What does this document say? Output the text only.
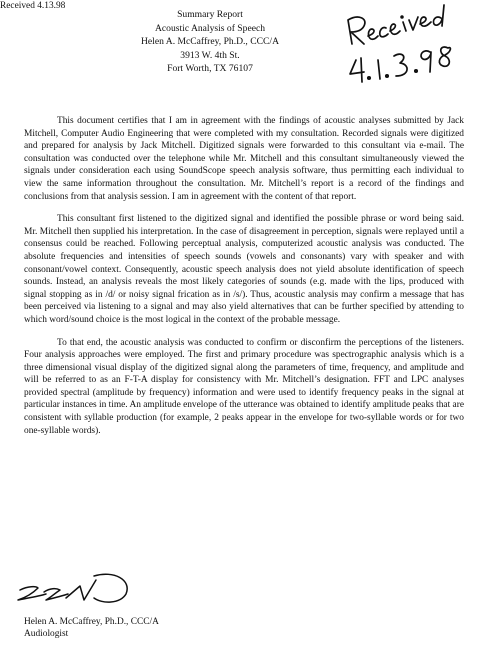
Summary Report
Acoustic Analysis of Speech
Helen A. McCaffrey, Ph.D., CCC/A
3913 W. 4th St.
Fort Worth, TX 76107
Received 4.13.98

This document certifies that I am in agreement with the findings of acoustic analyses submitted by Jack Mitchell, Computer Audio Engineering that were completed with my consultation. Recorded signals were digitized and prepared for analysis by Jack Mitchell. Digitized signals were forwarded to this consultant via e-mail. The consultation was conducted over the telephone while Mr. Mitchell and this consultant simultaneously viewed the signals under consideration each using SoundScope speech analysis software, thus permitting each individual to view the same information throughout the consultation. Mr. Mitchell’s report is a record of the findings and conclusions from that analysis session. I am in agreement with the content of that report.

This consultant first listened to the digitized signal and identified the possible phrase or word being said. Mr. Mitchell then supplied his interpretation. In the case of disagreement in perception, signals were replayed until a consensus could be reached. Following perceptual analysis, computerized acoustic analysis was conducted. The absolute frequencies and intensities of speech sounds (vowels and consonants) vary with speaker and with consonant/vowel context. Consequently, acoustic speech analysis does not yield absolute identification of speech sounds. Instead, an analysis reveals the most likely categories of sounds (e.g. made with the lips, produced with signal stopping as in /d/ or noisy signal frication as in /s/). Thus, acoustic analysis may confirm a message that has been perceived via listening to a signal and may also yield alternatives that can be further specified by attending to which word/sound choice is the most logical in the context of the probable message.

To that end, the acoustic analysis was conducted to confirm or disconfirm the perceptions of the listeners. Four analysis approaches were employed. The first and primary procedure was spectrographic analysis which is a three dimensional visual display of the digitized signal along the parameters of time, frequency, and amplitude and will be referred to as an F-T-A display for consistency with Mr. Mitchell’s designation. FFT and LPC analyses provided spectral (amplitude by frequency) information and were used to identify frequency peaks in the signal at particular instances in time. An amplitude envelope of the utterance was obtained to identify amplitude peaks that are consistent with syllable production (for example, 2 peaks appear in the envelope for two-syllable words or for two one-syllable words).

Helen A. McCaffrey, Ph.D., CCC/A
Audiologist
